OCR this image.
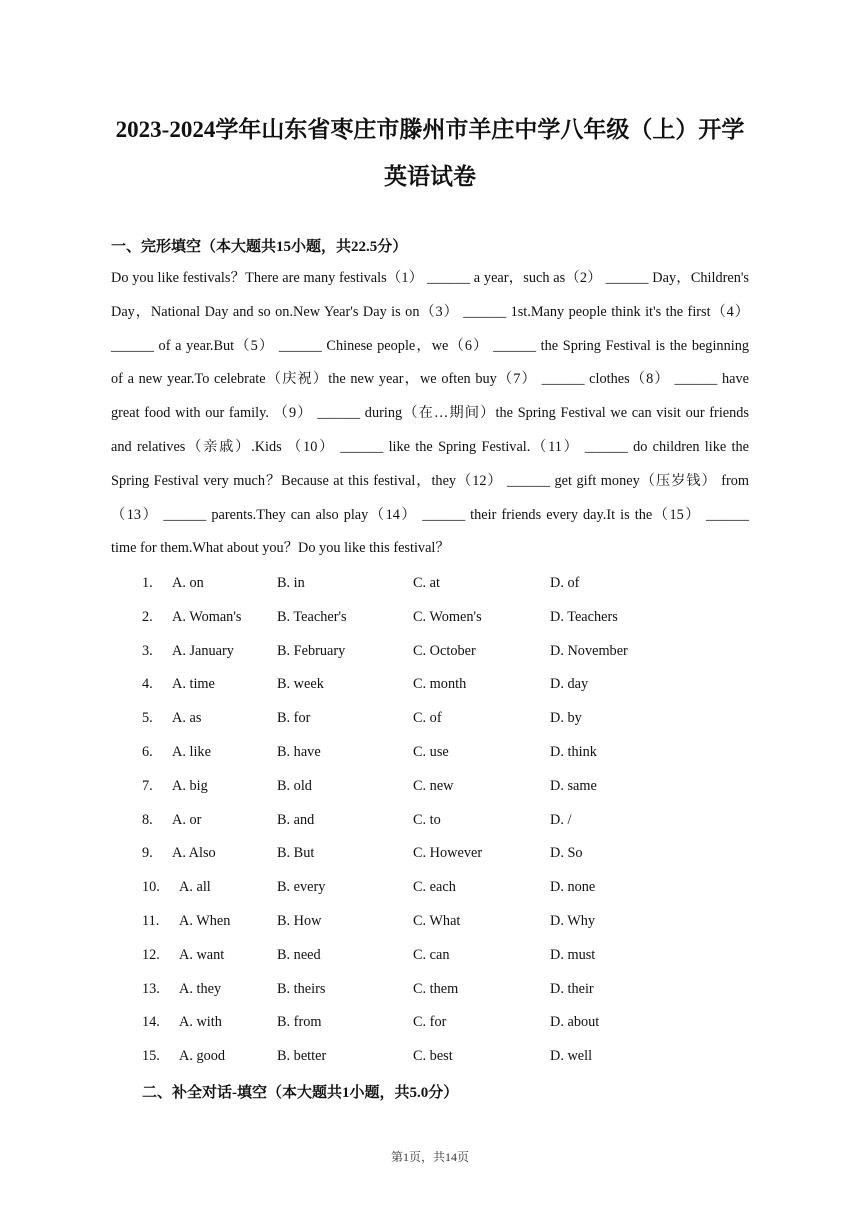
2023-2024学年山东省枣庄市滕州市羊庄中学八年级（上）开学
英语试卷
一、完形填空（本大题共15小题，共22.5分）
Do you like festivals？There are many festivals（1） ______ a year，such as（2） ______ Day，Children's
Day，National Day and so on.New Year's Day is on（3） ______ 1st.Many people think it's the first（4）
______ of a year.But（5） ______ Chinese people，we（6） ______ the Spring Festival is the beginning
of a new year.To celebrate（庆祝）the new year，we often buy（7） ______ clothes（8） ______ have
great food with our family. （9） ______ during（在…期间）the Spring Festival we can visit our friends
and relatives（亲戚）.Kids （10） ______ like the Spring Festival.（11） ______ do children like the
Spring Festival very much？Because at this festival，they（12） ______ get gift money（压岁钱） from
（13） ______ parents.They can also play（14） ______ their friends every day.It is the（15） ______
time for them.What about you？Do you like this festival？
1. A. on	B. in	C. at	D. of
2. A. Woman's B. Teacher's	C. Women's	D. Teachers
3. A. January	B. February	C. October	D. November
4. A. time	B. week	C. month	D. day
5. A. as	B. for	C. of	D. by
6. A. like	B. have	C. use	D. think
7. A. big	B. old	C. new	D. same
8. A. or	B. and	C. to	D. /
9. A. Also	B. But	C. However	D. So
10. A. all	B. every	C. each	D. none
11. A. When	B. How	C. What	D. Why
12. A. want	B. need	C. can	D. must
13. A. they	B. theirs	C. them	D. their
14. A. with	B. from	C. for	D. about
15. A. good	B. better	C. best	D. well
二、补全对话-填空（本大题共1小题，共5.0分）
第1页，共14页
